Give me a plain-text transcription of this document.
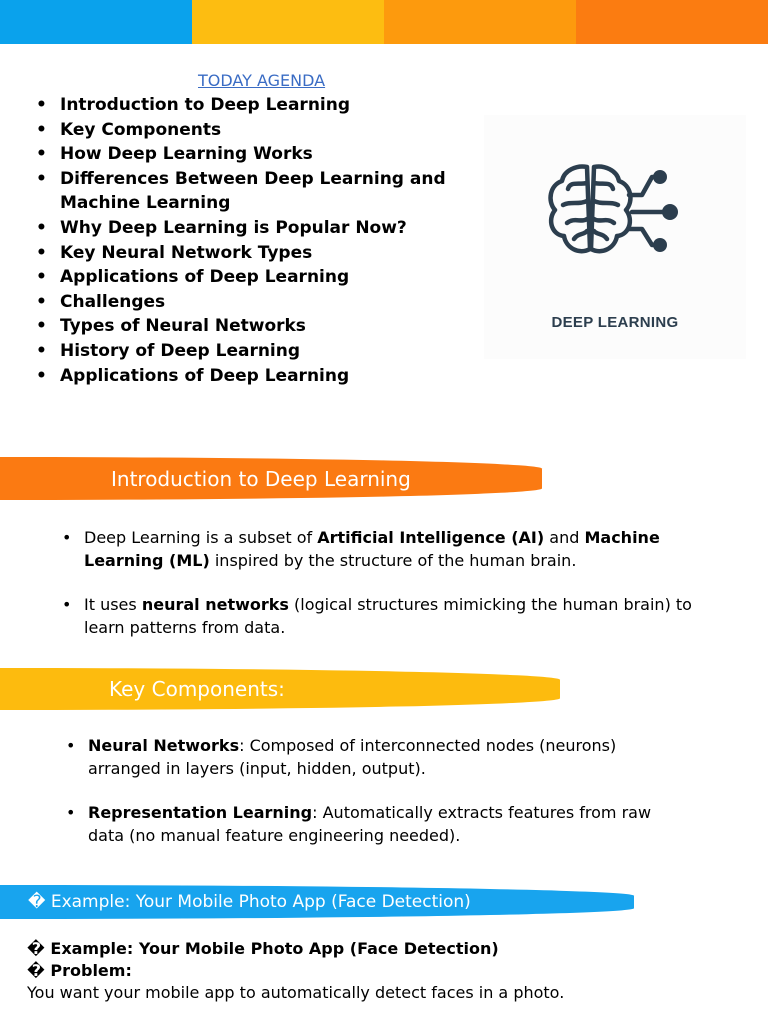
TODAY AGENDA
• Introduction to Deep Learning
• Key Components
• How Deep Learning Works
• Differences Between Deep Learning and Machine Learning
• Why Deep Learning is Popular Now?
• Key Neural Network Types
• Applications of Deep Learning
• Challenges
• Types of Neural Networks
• History of Deep Learning
• Applications of Deep Learning
DEEP LEARNING
Introduction to Deep Learning
• Deep Learning is a subset of Artificial Intelligence (AI) and Machine Learning (ML) inspired by the structure of the human brain.
• It uses neural networks (logical structures mimicking the human brain) to learn patterns from data.
Key Components:
• Neural Networks: Composed of interconnected nodes (neurons) arranged in layers (input, hidden, output).
• Representation Learning: Automatically extracts features from raw data (no manual feature engineering needed).
� Example: Your Mobile Photo App (Face Detection)
� Example: Your Mobile Photo App (Face Detection)
� Problem:
You want your mobile app to automatically detect faces in a photo.
